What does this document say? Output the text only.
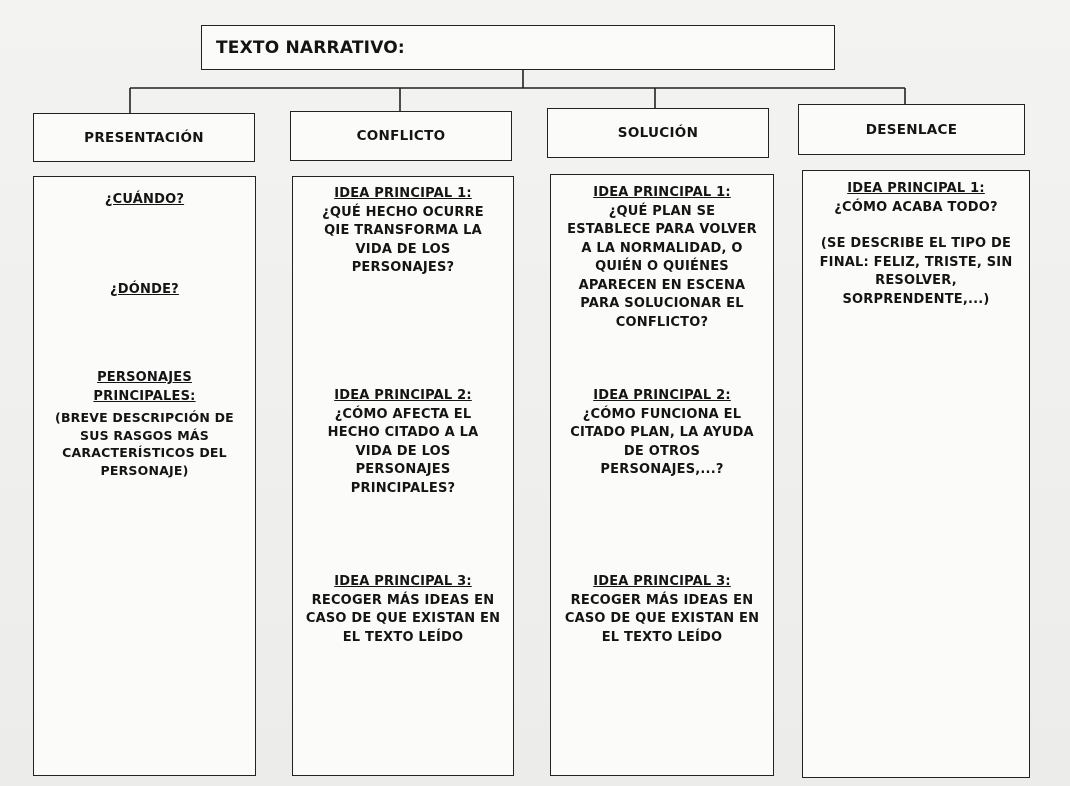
TEXTO NARRATIVO:
PRESENTACIÓN	CONFLICTO	SOLUCIÓN	DESENLACE
¿CUÁNDO?
¿DÓNDE?
PERSONAJES PRINCIPALES:
(BREVE DESCRIPCIÓN DE SUS RASGOS MÁS CARACTERÍSTICOS DEL PERSONAJE)
IDEA PRINCIPAL 1:
¿QUÉ HECHO OCURRE QIE TRANSFORMA LA VIDA DE LOS PERSONAJES?
IDEA PRINCIPAL 2:
¿CÓMO AFECTA EL HECHO CITADO A LA VIDA DE LOS PERSONAJES PRINCIPALES?
IDEA PRINCIPAL 3:
RECOGER MÁS IDEAS EN CASO DE QUE EXISTAN EN EL TEXTO LEÍDO
IDEA PRINCIPAL 1:
¿QUÉ PLAN SE ESTABLECE PARA VOLVER A LA NORMALIDAD, O QUIÉN O QUIÉNES APARECEN EN ESCENA PARA SOLUCIONAR EL CONFLICTO?
IDEA PRINCIPAL 2:
¿CÓMO FUNCIONA EL CITADO PLAN, LA AYUDA DE OTROS PERSONAJES,...?
IDEA PRINCIPAL 3:
RECOGER MÁS IDEAS EN CASO DE QUE EXISTAN EN EL TEXTO LEÍDO
IDEA PRINCIPAL 1:
¿CÓMO ACABA TODO?
(SE DESCRIBE EL TIPO DE FINAL: FELIZ, TRISTE, SIN RESOLVER, SORPRENDENTE,...)
